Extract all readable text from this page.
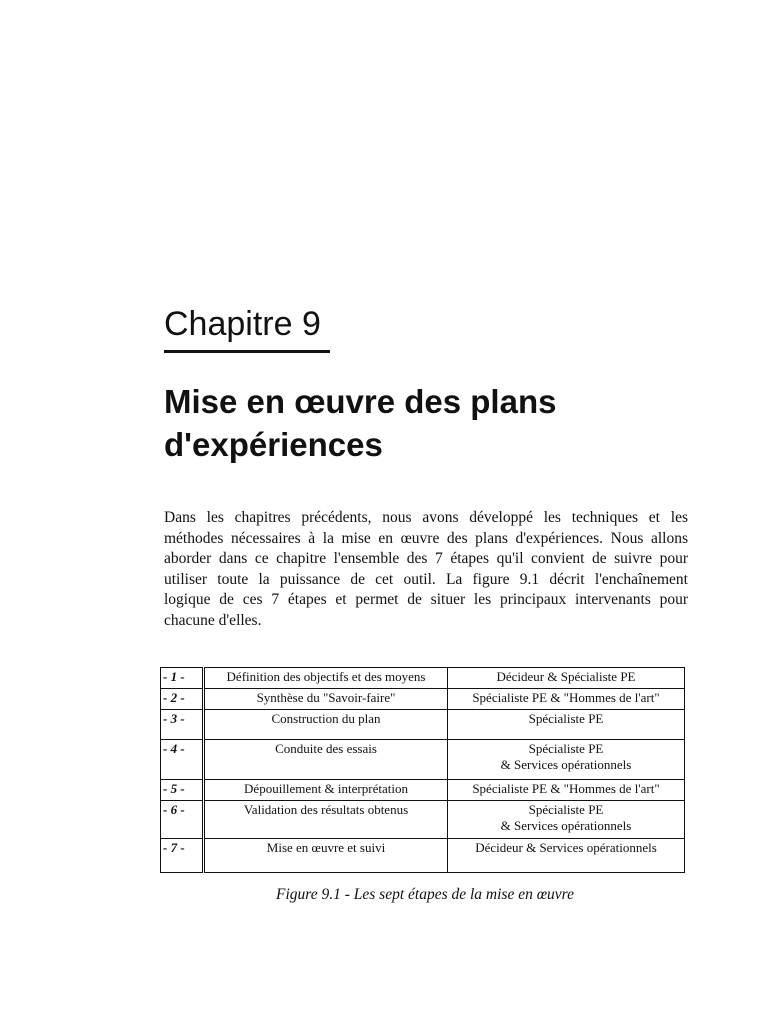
Chapitre 9
Mise en œuvre des plans
d'expériences

Dans les chapitres précédents, nous avons développé les techniques et les
méthodes nécessaires à la mise en œuvre des plans d'expériences. Nous allons
aborder dans ce chapitre l'ensemble des 7 étapes qu'il convient de suivre pour
utiliser toute la puissance de cet outil. La figure 9.1 décrit l'enchaînement
logique de ces 7 étapes et permet de situer les principaux intervenants pour
chacune d'elles.

- 1 -	Définition des objectifs et des moyens	Décideur & Spécialiste PE

- 2 -	Synthèse du "Savoir-faire"	Spécialiste PE & "Hommes de l'art"

- 3 -	Construction du plan	Spécialiste PE

- 4 -	Conduite des essais	Spécialiste PE
& Services opérationnels

- 5 -	Dépouillement & interprétation	Spécialiste PE & "Hommes de l'art"

- 6 -	Validation des résultats obtenus	Spécialiste PE
& Services opérationnels

- 7 -	Mise en œuvre et suivi	Décideur & Services opérationnels

Figure 9.1 - Les sept étapes de la mise en œuvre
